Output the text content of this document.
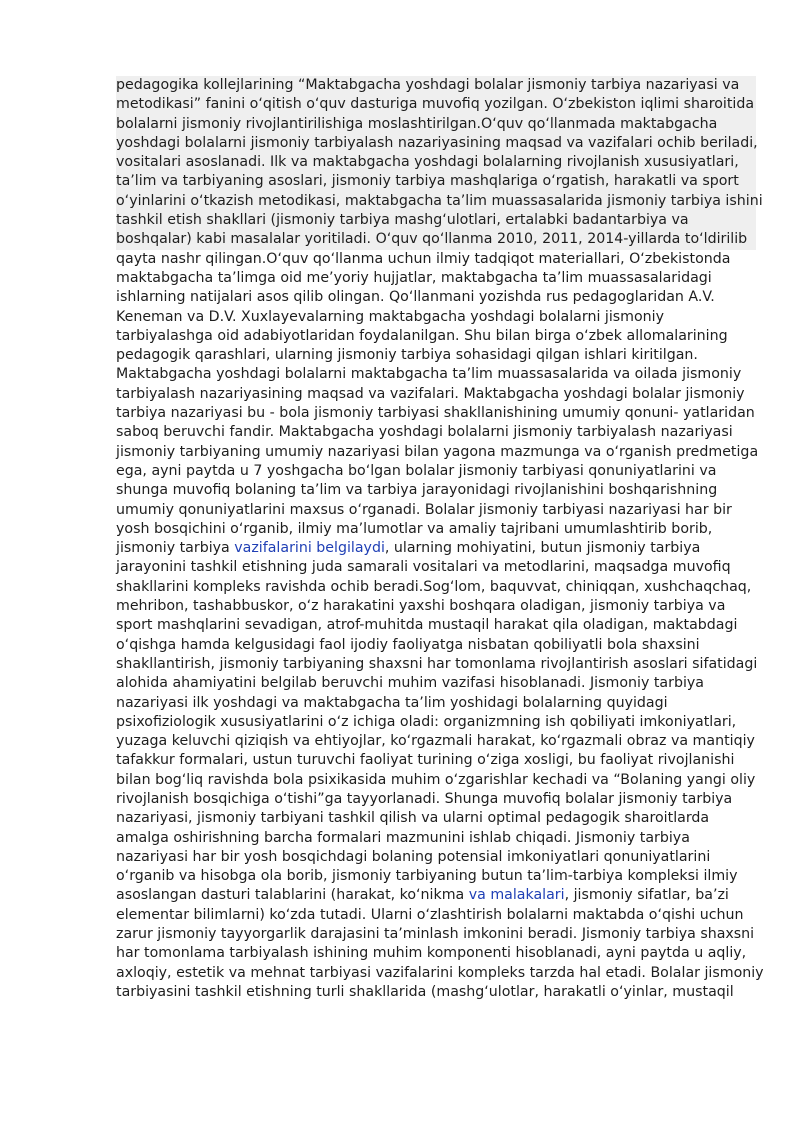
pedagogika kollejlarining “Maktabgacha yoshdagi bolalar jismoniy tarbiya nazariyasi va
metodikasi” fanini o‘qitish o‘quv dasturiga muvofiq yozilgan. O‘zbekiston iqlimi sharoitida
bolalarni jismoniy rivojlantirilishiga moslashtirilgan.O‘quv qo‘llanmada maktabgacha
yoshdagi bolalarni jismoniy tarbiyalash nazariyasining maqsad va vazifalari ochib beriladi,
vositalari asoslanadi. Ilk va maktabgacha yoshdagi bolalarning rivojlanish xususiyatlari,
ta’lim va tarbiyaning asoslari, jismoniy tarbiya mashqlariga o‘rgatish, harakatli va sport
o‘yinlarini o‘tkazish metodikasi, maktabgacha ta’lim muassasalarida jismoniy tarbiya ishini
tashkil etish shakllari (jismoniy tarbiya mashg‘ulotlari, ertalabki badantarbiya va
boshqalar) kabi masalalar yoritiladi. O‘quv qo‘llanma 2010, 2011, 2014-yillarda to‘ldirilib
qayta nashr qilingan.O‘quv qo‘llanma uchun ilmiy tadqiqot materiallari, O‘zbekistonda
maktabgacha ta’limga oid me’yoriy hujjatlar, maktabgacha ta’lim muassasalaridagi
ishlarning natijalari asos qilib olingan. Qo‘llanmani yozishda rus pedagoglaridan A.V.
Keneman va D.V. Xuxlayevalarning maktabgacha yoshdagi bolalarni jismoniy
tarbiyalashga oid adabiyotlaridan foydalanilgan. Shu bilan birga o‘zbek allomalarining
pedagogik qarashlari, ularning jismoniy tarbiya sohasidagi qilgan ishlari kiritilgan.
Maktabgacha yoshdagi bolalarni maktabgacha ta’lim muassasalarida va oilada jismoniy
tarbiyalash nazariyasining maqsad va vazifalari. Maktabgacha yoshdagi bolalar jismoniy
tarbiya nazariyasi bu - bola jismoniy tarbiyasi shakllanishining umumiy qonuni- yatlaridan
saboq beruvchi fandir. Maktabgacha yoshdagi bolalarni jismoniy tarbiyalash nazariyasi
jismoniy tarbiyaning umumiy nazariyasi bilan yagona mazmunga va o‘rganish predmetiga
ega, ayni paytda u 7 yoshgacha bo‘lgan bolalar jismoniy tarbiyasi qonuniyatlarini va
shunga muvofiq bolaning ta’lim va tarbiya jarayonidagi rivojlanishini boshqarishning
umumiy qonuniyatlarini maxsus o‘rganadi. Bolalar jismoniy tarbiyasi nazariyasi har bir
yosh bosqichini o‘rganib, ilmiy ma’lumotlar va amaliy tajribani umumlashtirib borib,
jismoniy tarbiya vazifalarini belgilaydi, ularning mohiyatini, butun jismoniy tarbiya
jarayonini tashkil etishning juda samarali vositalari va metodlarini, maqsadga muvofiq
shakllarini kompleks ravishda ochib beradi.Sog‘lom, baquvvat, chiniqqan, xushchaqchaq,
mehribon, tashabbuskor, o‘z harakatini yaxshi boshqara oladigan, jismoniy tarbiya va
sport mashqlarini sevadigan, atrof-muhitda mustaqil harakat qila oladigan, maktabdagi
o‘qishga hamda kelgusidagi faol ijodiy faoliyatga nisbatan qobiliyatli bola shaxsini
shakllantirish, jismoniy tarbiyaning shaxsni har tomonlama rivojlantirish asoslari sifatidagi
alohida ahamiyatini belgilab beruvchi muhim vazifasi hisoblanadi. Jismoniy tarbiya
nazariyasi ilk yoshdagi va maktabgacha ta’lim yoshidagi bolalarning quyidagi
psixofiziologik xususiyatlarini o‘z ichiga oladi: organizmning ish qobiliyati imkoniyatlari,
yuzaga keluvchi qiziqish va ehtiyojlar, ko‘rgazmali harakat, ko‘rgazmali obraz va mantiqiy
tafakkur formalari, ustun turuvchi faoliyat turining o‘ziga xosligi, bu faoliyat rivojlanishi
bilan bog‘liq ravishda bola psixikasida muhim o‘zgarishlar kechadi va “Bolaning yangi oliy
rivojlanish bosqichiga o‘tishi”ga tayyorlanadi. Shunga muvofiq bolalar jismoniy tarbiya
nazariyasi, jismoniy tarbiyani tashkil qilish va ularni optimal pedagogik sharoitlarda
amalga oshirishning barcha formalari mazmunini ishlab chiqadi. Jismoniy tarbiya
nazariyasi har bir yosh bosqichdagi bolaning potensial imkoniyatlari qonuniyatlarini
o‘rganib va hisobga ola borib, jismoniy tarbiyaning butun ta’lim-tarbiya kompleksi ilmiy
asoslangan dasturi talablarini (harakat, ko‘nikma va malakalari, jismoniy sifatlar, ba’zi
elementar bilimlarni) ko‘zda tutadi. Ularni o‘zlashtirish bolalarni maktabda o‘qishi uchun
zarur jismoniy tayyorgarlik darajasini ta’minlash imkonini beradi. Jismoniy tarbiya shaxsni
har tomonlama tarbiyalash ishining muhim komponenti hisoblanadi, ayni paytda u aqliy,
axloqiy, estetik va mehnat tarbiyasi vazifalarini kompleks tarzda hal etadi. Bolalar jismoniy
tarbiyasini tashkil etishning turli shakllarida (mashg‘ulotlar, harakatli o‘yinlar, mustaqil
